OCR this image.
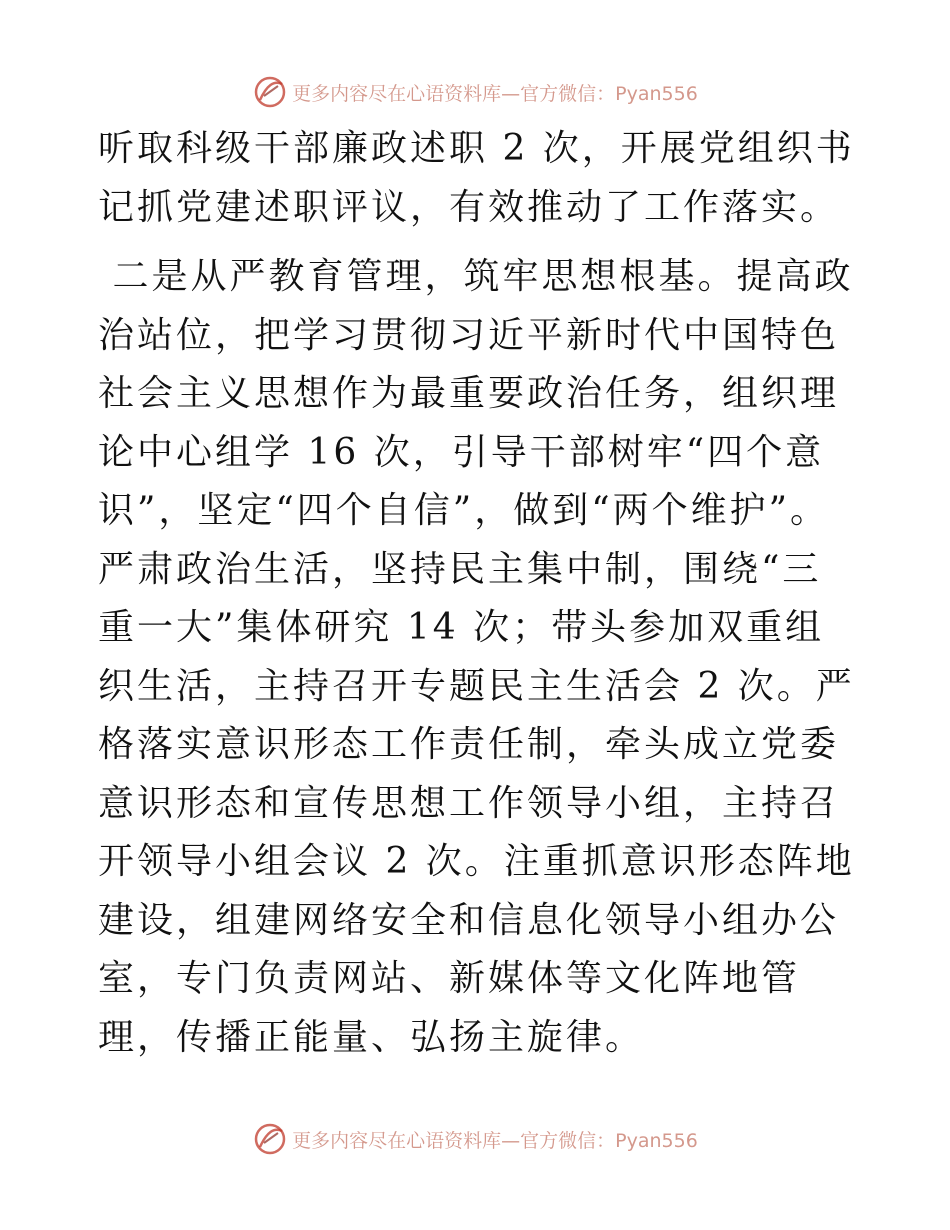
更多内容尽在心语资料库—官方微信：Pyan556

听取科级干部廉政述职 2 次，开展党组织书记抓党建述职评议，有效推动了工作落实。

二是从严教育管理，筑牢思想根基。提高政治站位，把学习贯彻习近平新时代中国特色社会主义思想作为最重要政治任务，组织理论中心组学 16 次，引导干部树牢“四个意识”，坚定“四个自信”，做到“两个维护”。严肃政治生活，坚持民主集中制，围绕“三重一大”集体研究 14 次；带头参加双重组织生活，主持召开专题民主生活会 2 次。严格落实意识形态工作责任制，牵头成立党委意识形态和宣传思想工作领导小组，主持召开领导小组会议 2 次。注重抓意识形态阵地建设，组建网络安全和信息化领导小组办公室，专门负责网站、新媒体等文化阵地管理，传播正能量、弘扬主旋律。

更多内容尽在心语资料库—官方微信：Pyan556
